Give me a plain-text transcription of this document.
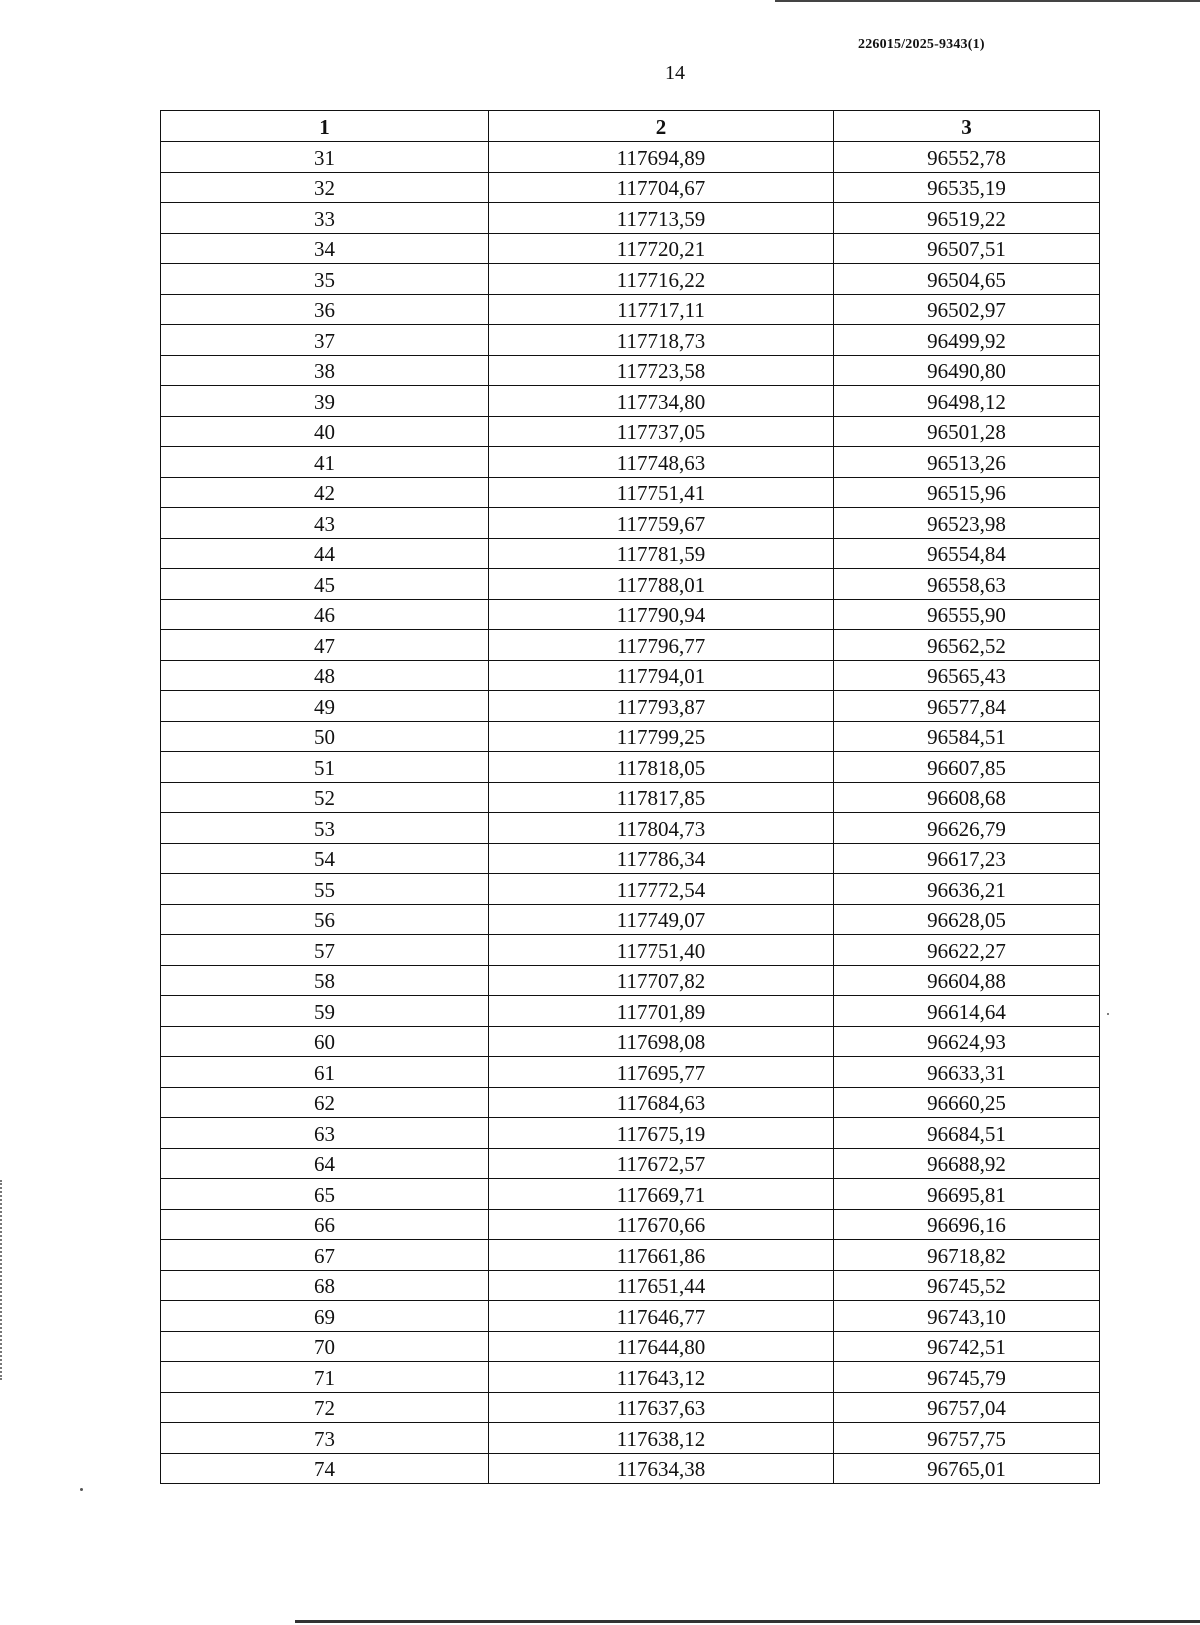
226015/2025-9343(1)
14
1	2	3
31	117694,89	96552,78
32	117704,67	96535,19
33	117713,59	96519,22
34	117720,21	96507,51
35	117716,22	96504,65
36	117717,11	96502,97
37	117718,73	96499,92
38	117723,58	96490,80
39	117734,80	96498,12
40	117737,05	96501,28
41	117748,63	96513,26
42	117751,41	96515,96
43	117759,67	96523,98
44	117781,59	96554,84
45	117788,01	96558,63
46	117790,94	96555,90
47	117796,77	96562,52
48	117794,01	96565,43
49	117793,87	96577,84
50	117799,25	96584,51
51	117818,05	96607,85
52	117817,85	96608,68
53	117804,73	96626,79
54	117786,34	96617,23
55	117772,54	96636,21
56	117749,07	96628,05
57	117751,40	96622,27
58	117707,82	96604,88
59	117701,89	96614,64
60	117698,08	96624,93
61	117695,77	96633,31
62	117684,63	96660,25
63	117675,19	96684,51
64	117672,57	96688,92
65	117669,71	96695,81
66	117670,66	96696,16
67	117661,86	96718,82
68	117651,44	96745,52
69	117646,77	96743,10
70	117644,80	96742,51
71	117643,12	96745,79
72	117637,63	96757,04
73	117638,12	96757,75
74	117634,38	96765,01
